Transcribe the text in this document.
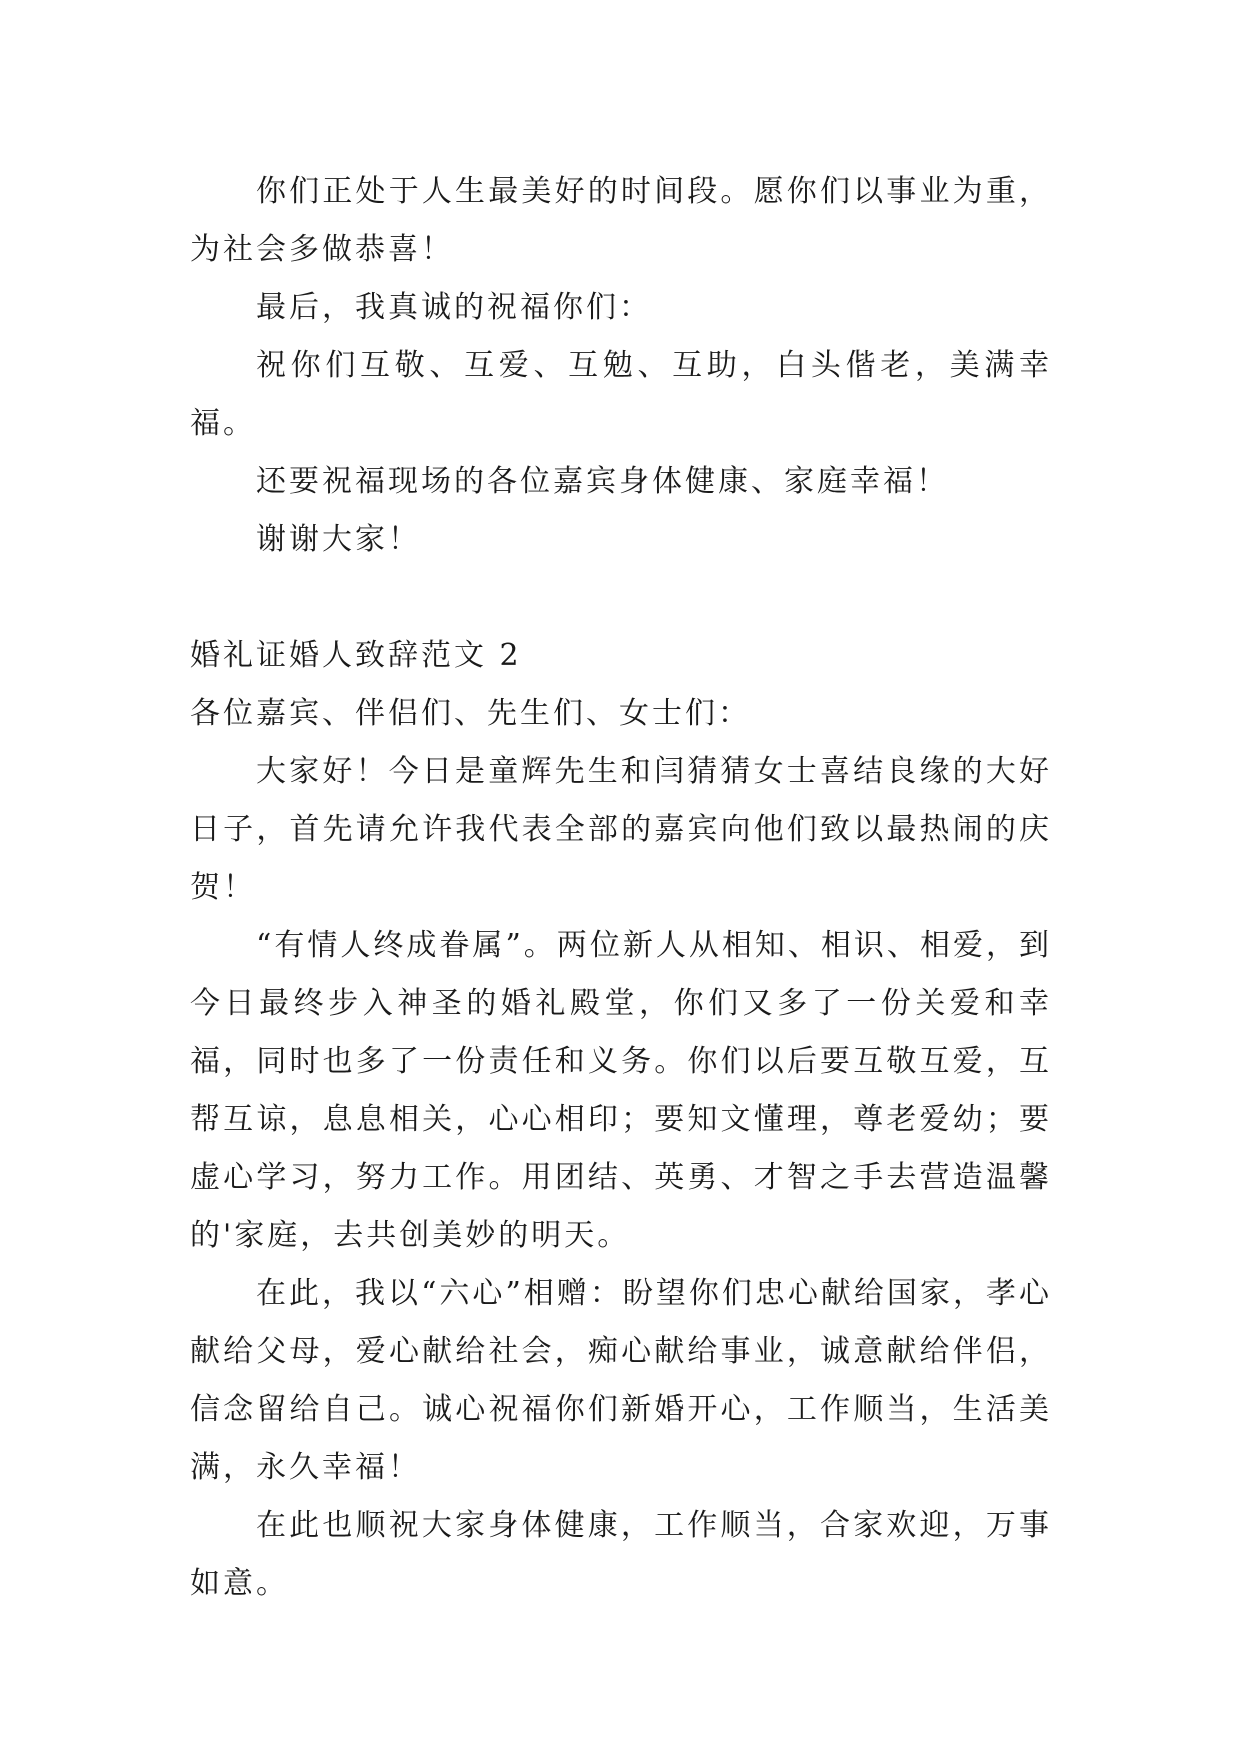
你们正处于人生最美好的时间段。愿你们以事业为重，为社会多做恭喜！

最后，我真诚的祝福你们：

祝你们互敬、互爱、互勉、互助，白头偕老，美满幸福。

还要祝福现场的各位嘉宾身体健康、家庭幸福！

谢谢大家！

婚礼证婚人致辞范文 2

各位嘉宾、伴侣们、先生们、女士们：

大家好！今日是童辉先生和闫猜猜女士喜结良缘的大好日子，首先请允许我代表全部的嘉宾向他们致以最热闹的庆贺！

“有情人终成眷属”。两位新人从相知、相识、相爱，到今日最终步入神圣的婚礼殿堂，你们又多了一份关爱和幸福，同时也多了一份责任和义务。你们以后要互敬互爱，互帮互谅，息息相关，心心相印；要知文懂理，尊老爱幼；要虚心学习，努力工作。用团结、英勇、才智之手去营造温馨的'家庭，去共创美妙的明天。

在此，我以“六心”相赠：盼望你们忠心献给国家，孝心献给父母，爱心献给社会，痴心献给事业，诚意献给伴侣，信念留给自己。诚心祝福你们新婚开心，工作顺当，生活美满，永久幸福！

在此也顺祝大家身体健康，工作顺当，合家欢迎，万事如意。
